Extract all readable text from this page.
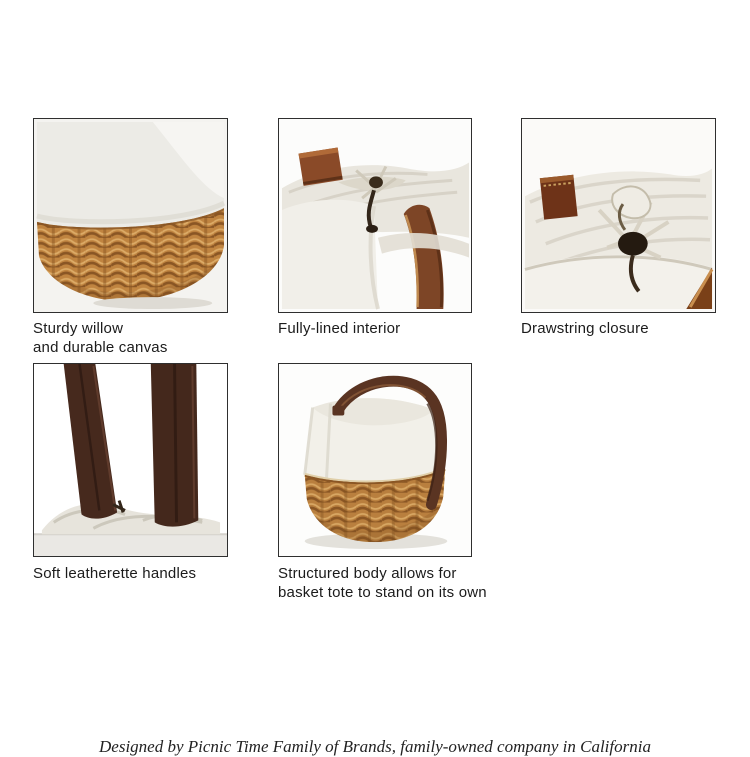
Sturdy willow
and durable canvas
Fully-lined interior	Drawstring closure
Soft leatherette handles	Structured body allows for
basket tote to stand on its own
Designed by Picnic Time Family of Brands, family-owned company in California
